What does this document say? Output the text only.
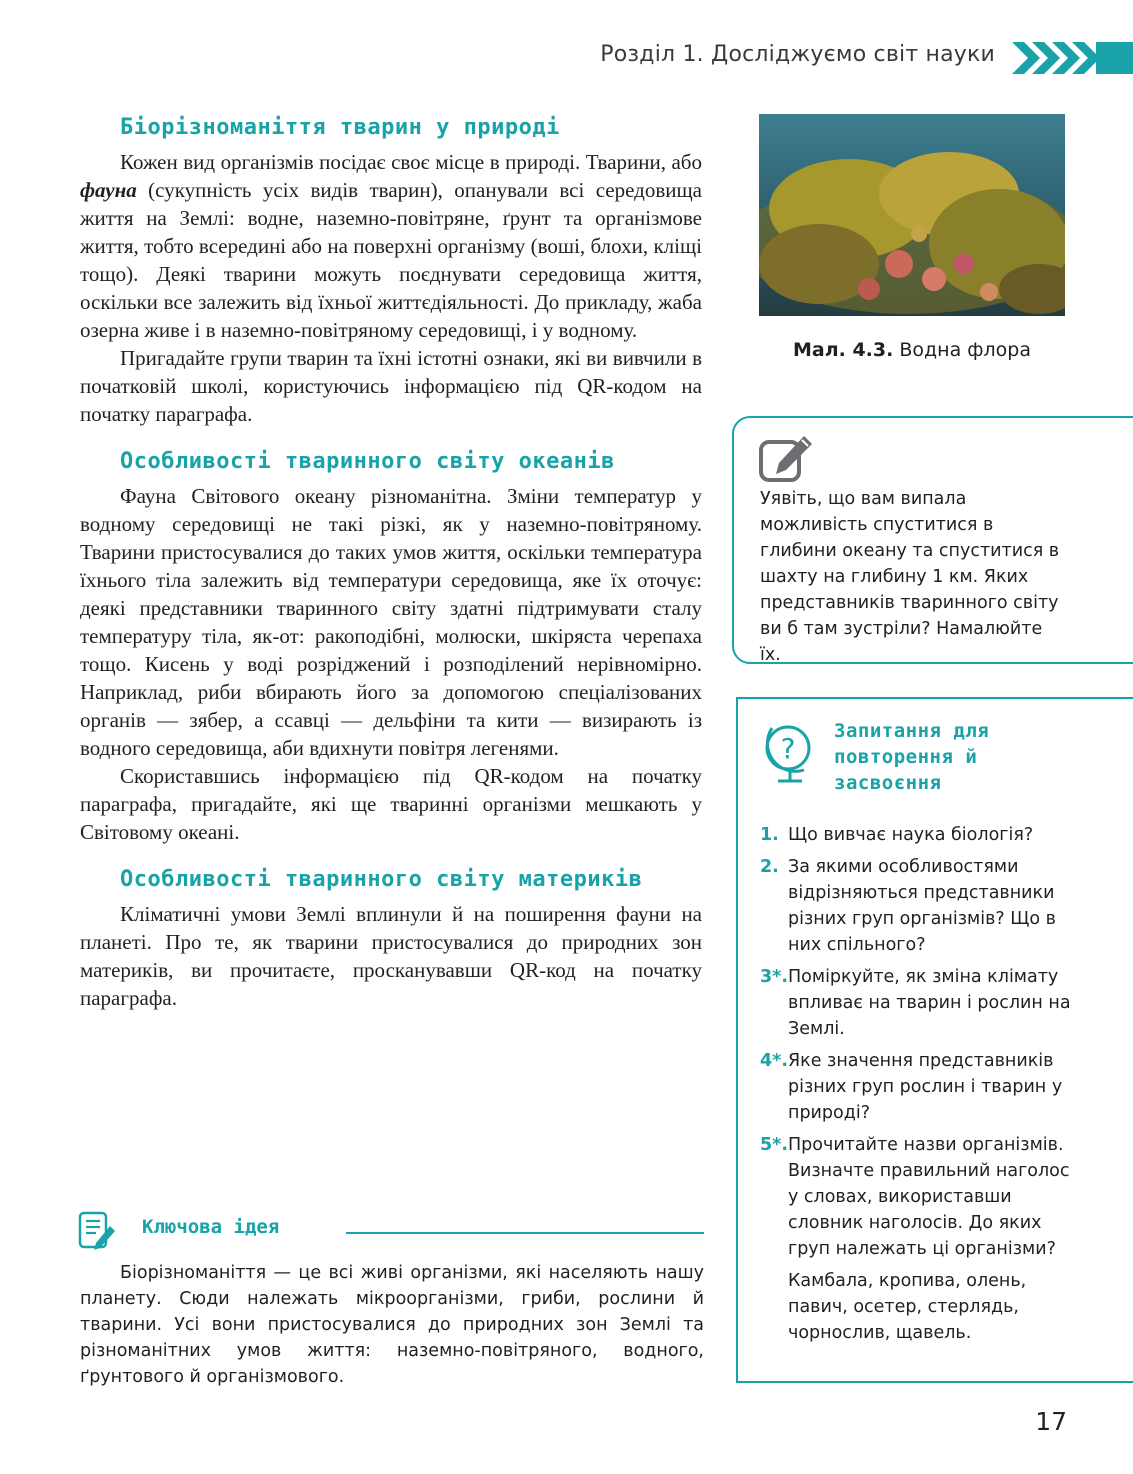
Розділ 1. Досліджуємо світ науки
Біорізноманіття тварин у природі

Кожен вид організмів посідає своє місце в природі. Тварини, або фауна (сукупність усіх видів тварин), опанували всі середовища життя на Землі: водне, наземно-повітряне, ґрунт та організмове життя, тобто всередині або на поверхні організму (воші, блохи, кліщі тощо). Деякі тварини можуть поєднувати середовища життя, оскільки все залежить від їхньої життєдіяльності. До прикладу, жаба озерна живе і в наземно-повітряному середовищі, і у водному.

Пригадайте групи тварин та їхні істотні ознаки, які ви вивчили в початковій школі, користуючись інформацією під QR-кодом на початку параграфа.

Особливості тваринного світу океанів

Фауна Світового океану різноманітна. Зміни температур у водному середовищі не такі різкі, як у наземно-повітряному. Тварини пристосувалися до таких умов життя, оскільки температура їхнього тіла залежить від температури середовища, яке їх оточує: деякі представники тваринного світу здатні підтримувати сталу температуру тіла, як-от: ракоподібні, молюски, шкіряста черепаха тощо. Кисень у воді розріджений і розподілений нерівномірно. Наприклад, риби вбирають його за допомогою спеціалізованих органів — зябер, а ссавці — дельфіни та кити — визирають із водного середовища, аби вдихнути повітря легенями.

Скориставшись інформацією під QR-кодом на початку параграфа, пригадайте, які ще тваринні організми мешкають у Світовому океані.

Особливості тваринного світу материків

Кліматичні умови Землі вплинули й на поширення фауни на планеті. Про те, як тварини пристосувалися до природних зон материків, ви прочитаєте, просканувавши QR-код на початку параграфа.

Ключова ідея

Біорізноманіття — це всі живі організми, які населяють нашу планету. Сюди належать мікроорганізми, гриби, рослини й тварини. Усі вони пристосувалися до природних зон Землі та різноманітних умов життя: наземно-повітряного, водного, ґрунтового й організмового.

Мал. 4.3. Водна флора
Уявіть, що вам випала можливість спуститися в глибини океану та спуститися в шахту на глибину 1 км. Яких представників тваринного світу ви б там зустріли? Намалюйте їх.
?
Запитання для повторення й засвоєння
1. Що вивчає наука біологія?
2. За якими особливостями відрізняються представники різних груп організмів? Що в них спільного?
3*. Поміркуйте, як зміна клімату впливає на тварин і рослин на Землі.
4*. Яке значення представників різних груп рослин і тварин у природі?
5*. Прочитайте назви організмів. Визначте правильний наголос у словах, використавши словник наголосів. До яких груп належать ці організми?
Камбала, кропива, олень, павич, осетер, стерлядь, чорнослив, щавель.
17
